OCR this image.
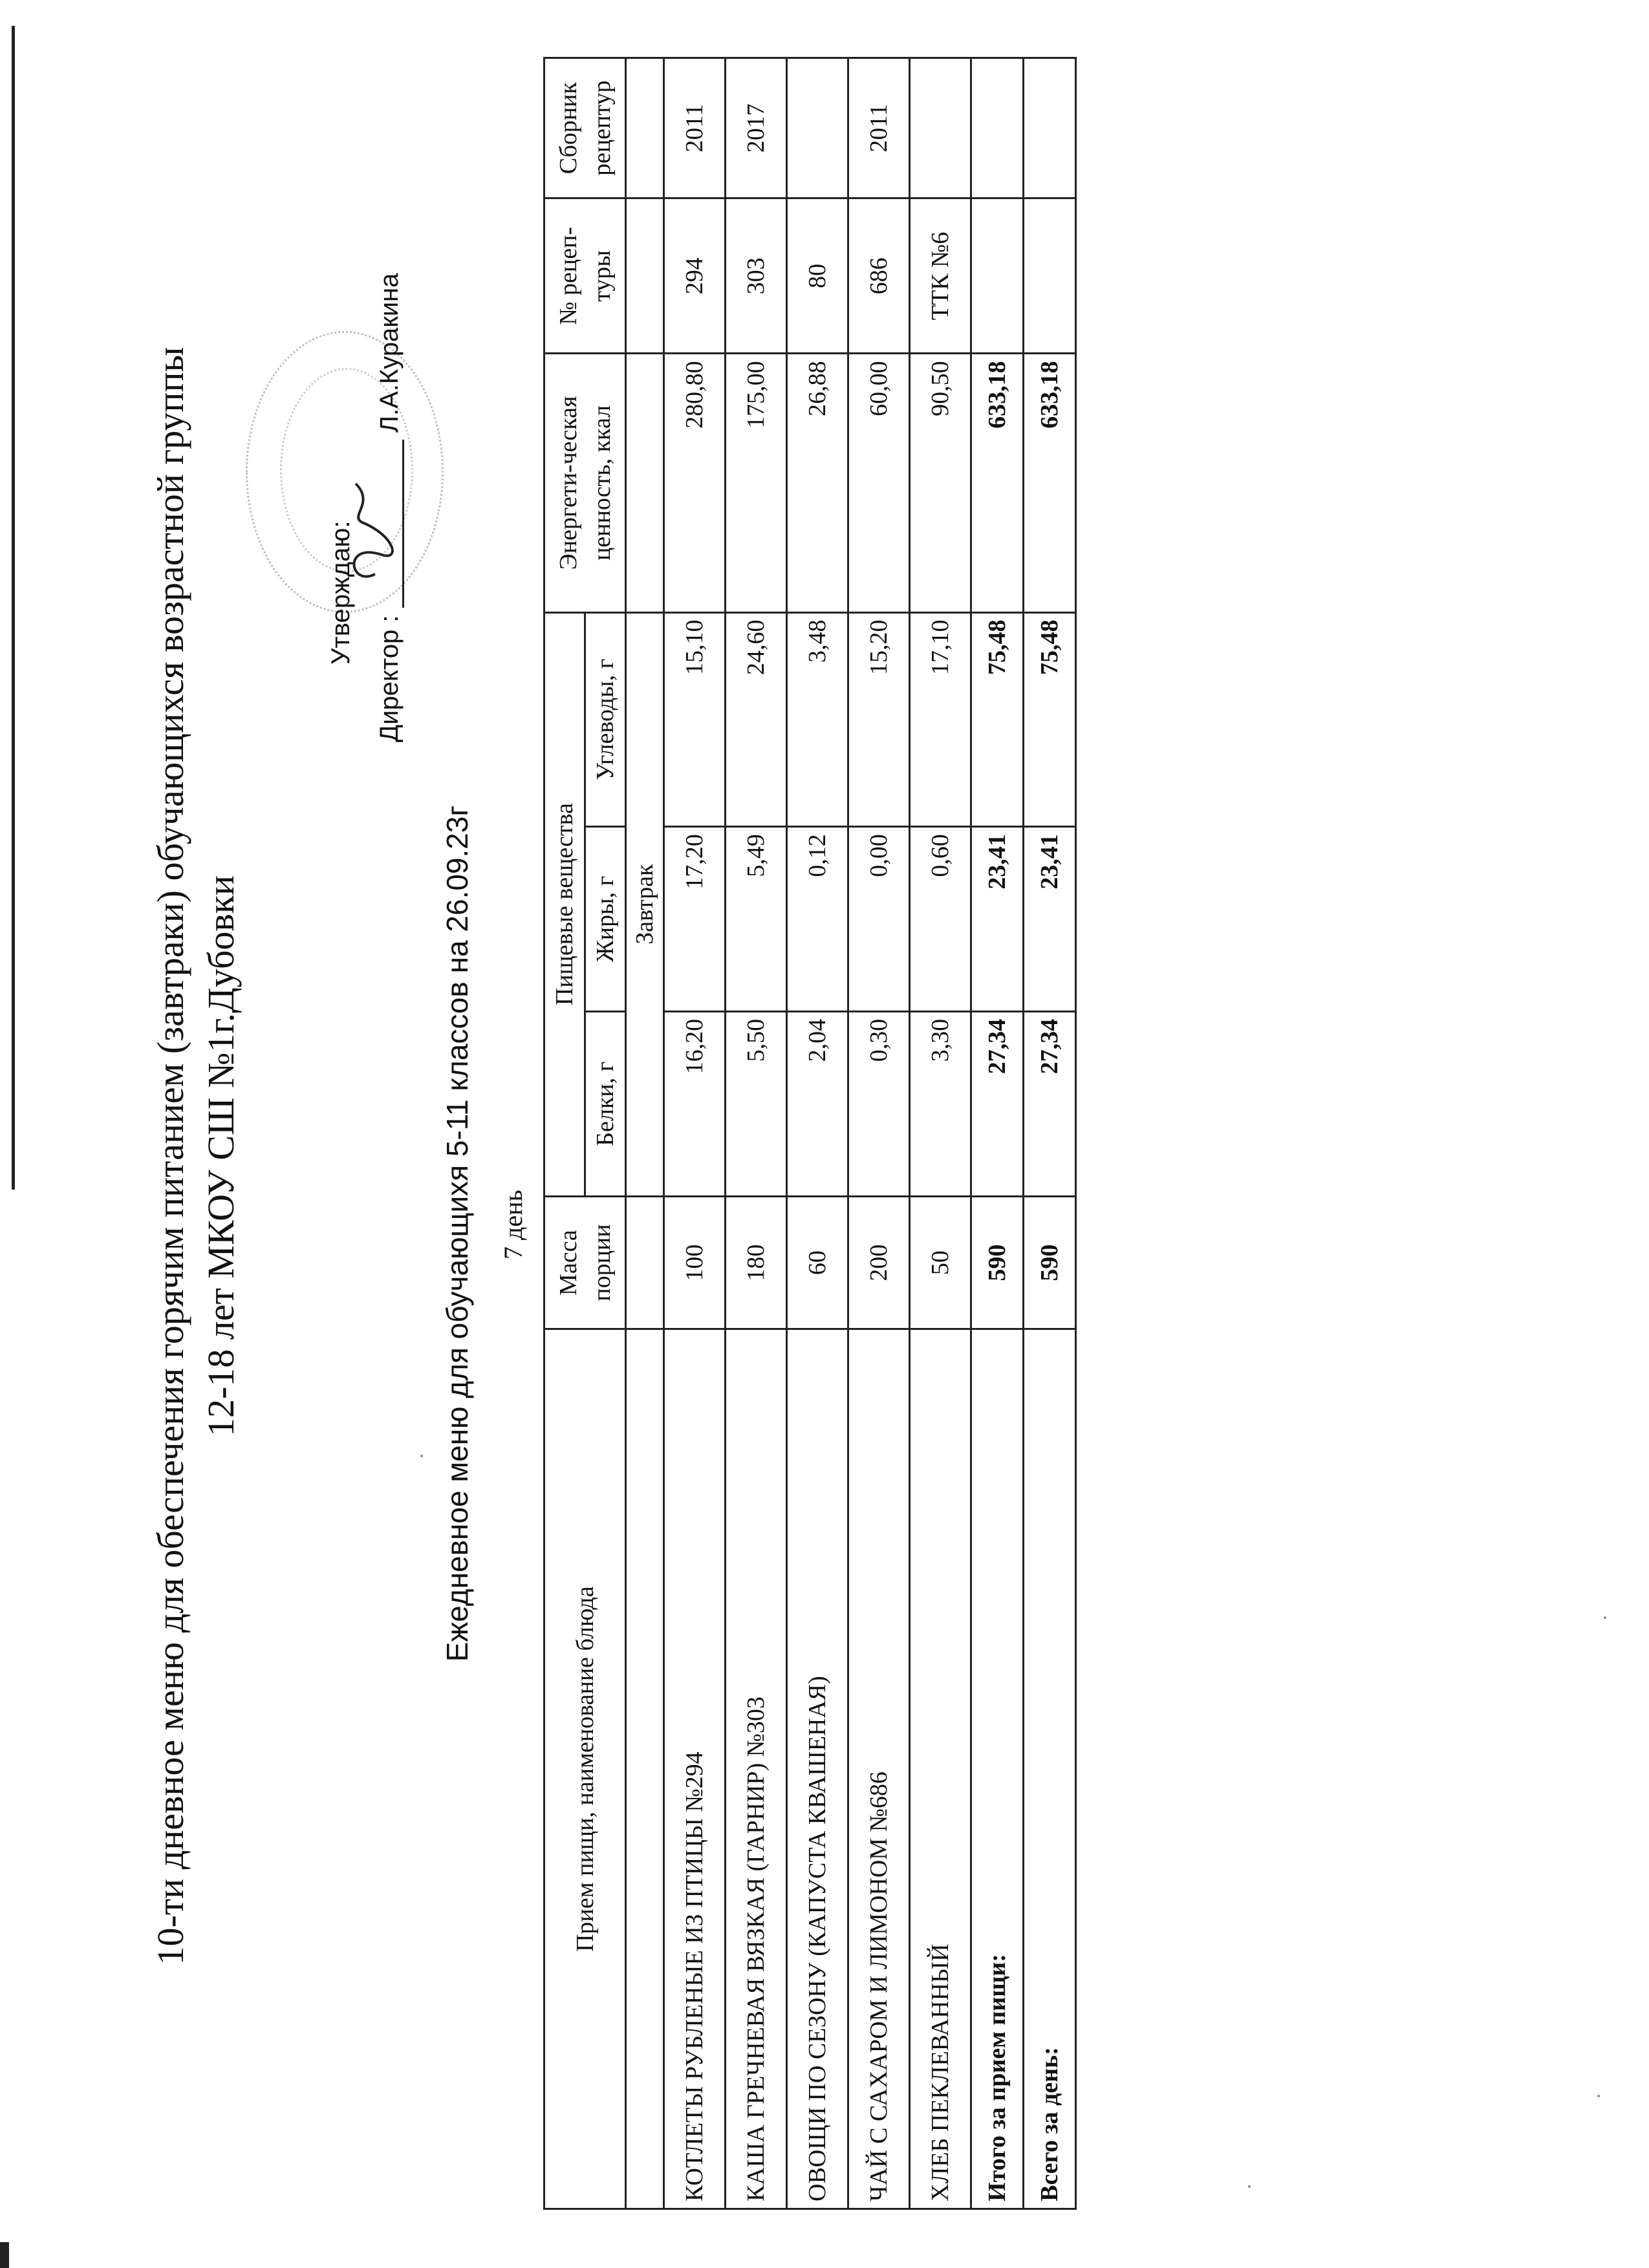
10-ти дневное меню для обеспечения горячим питанием (завтраки) обучающихся возрастной группы 12-18 лет МКОУ СШ №1г.Дубовки
Утверждаю:
Директор :  Л.А.Куракина
Ежедневное меню для обучающихя 5-11 классов на 26.09.23г 7 день
Прием пищи, наименование блюда	Масса порции	Пищевые вещества			Энергети-ческая ценность, ккал	№ рецеп-туры	Сборник рецептур
		Белки, г	Жиры, г	Углеводы, г			
		Завтрак					
КОТЛЕТЫ РУБЛЕНЫЕ ИЗ ПТИЦЫ №294	100	16,20	17,20	15,10	280,80	294	2011
КАША ГРЕЧНЕВАЯ ВЯЗКАЯ (ГАРНИР) №303	180	5,50	5,49	24,60	175,00	303	2017
ОВОЩИ ПО СЕЗОНУ (КАПУСТА КВАШЕНАЯ)	60	2,04	0,12	3,48	26,88	80	
ЧАЙ С САХАРОМ И ЛИМОНОМ №686	200	0,30	0,00	15,20	60,00	686	2011
ХЛЕБ ПЕКЛЕВАННЫЙ	50	3,30	0,60	17,10	90,50	ТТК №6	
Итого за прием пищи:	590	27,34	23,41	75,48	633,18		
Всего за день:	590	27,34	23,41	75,48	633,18		
